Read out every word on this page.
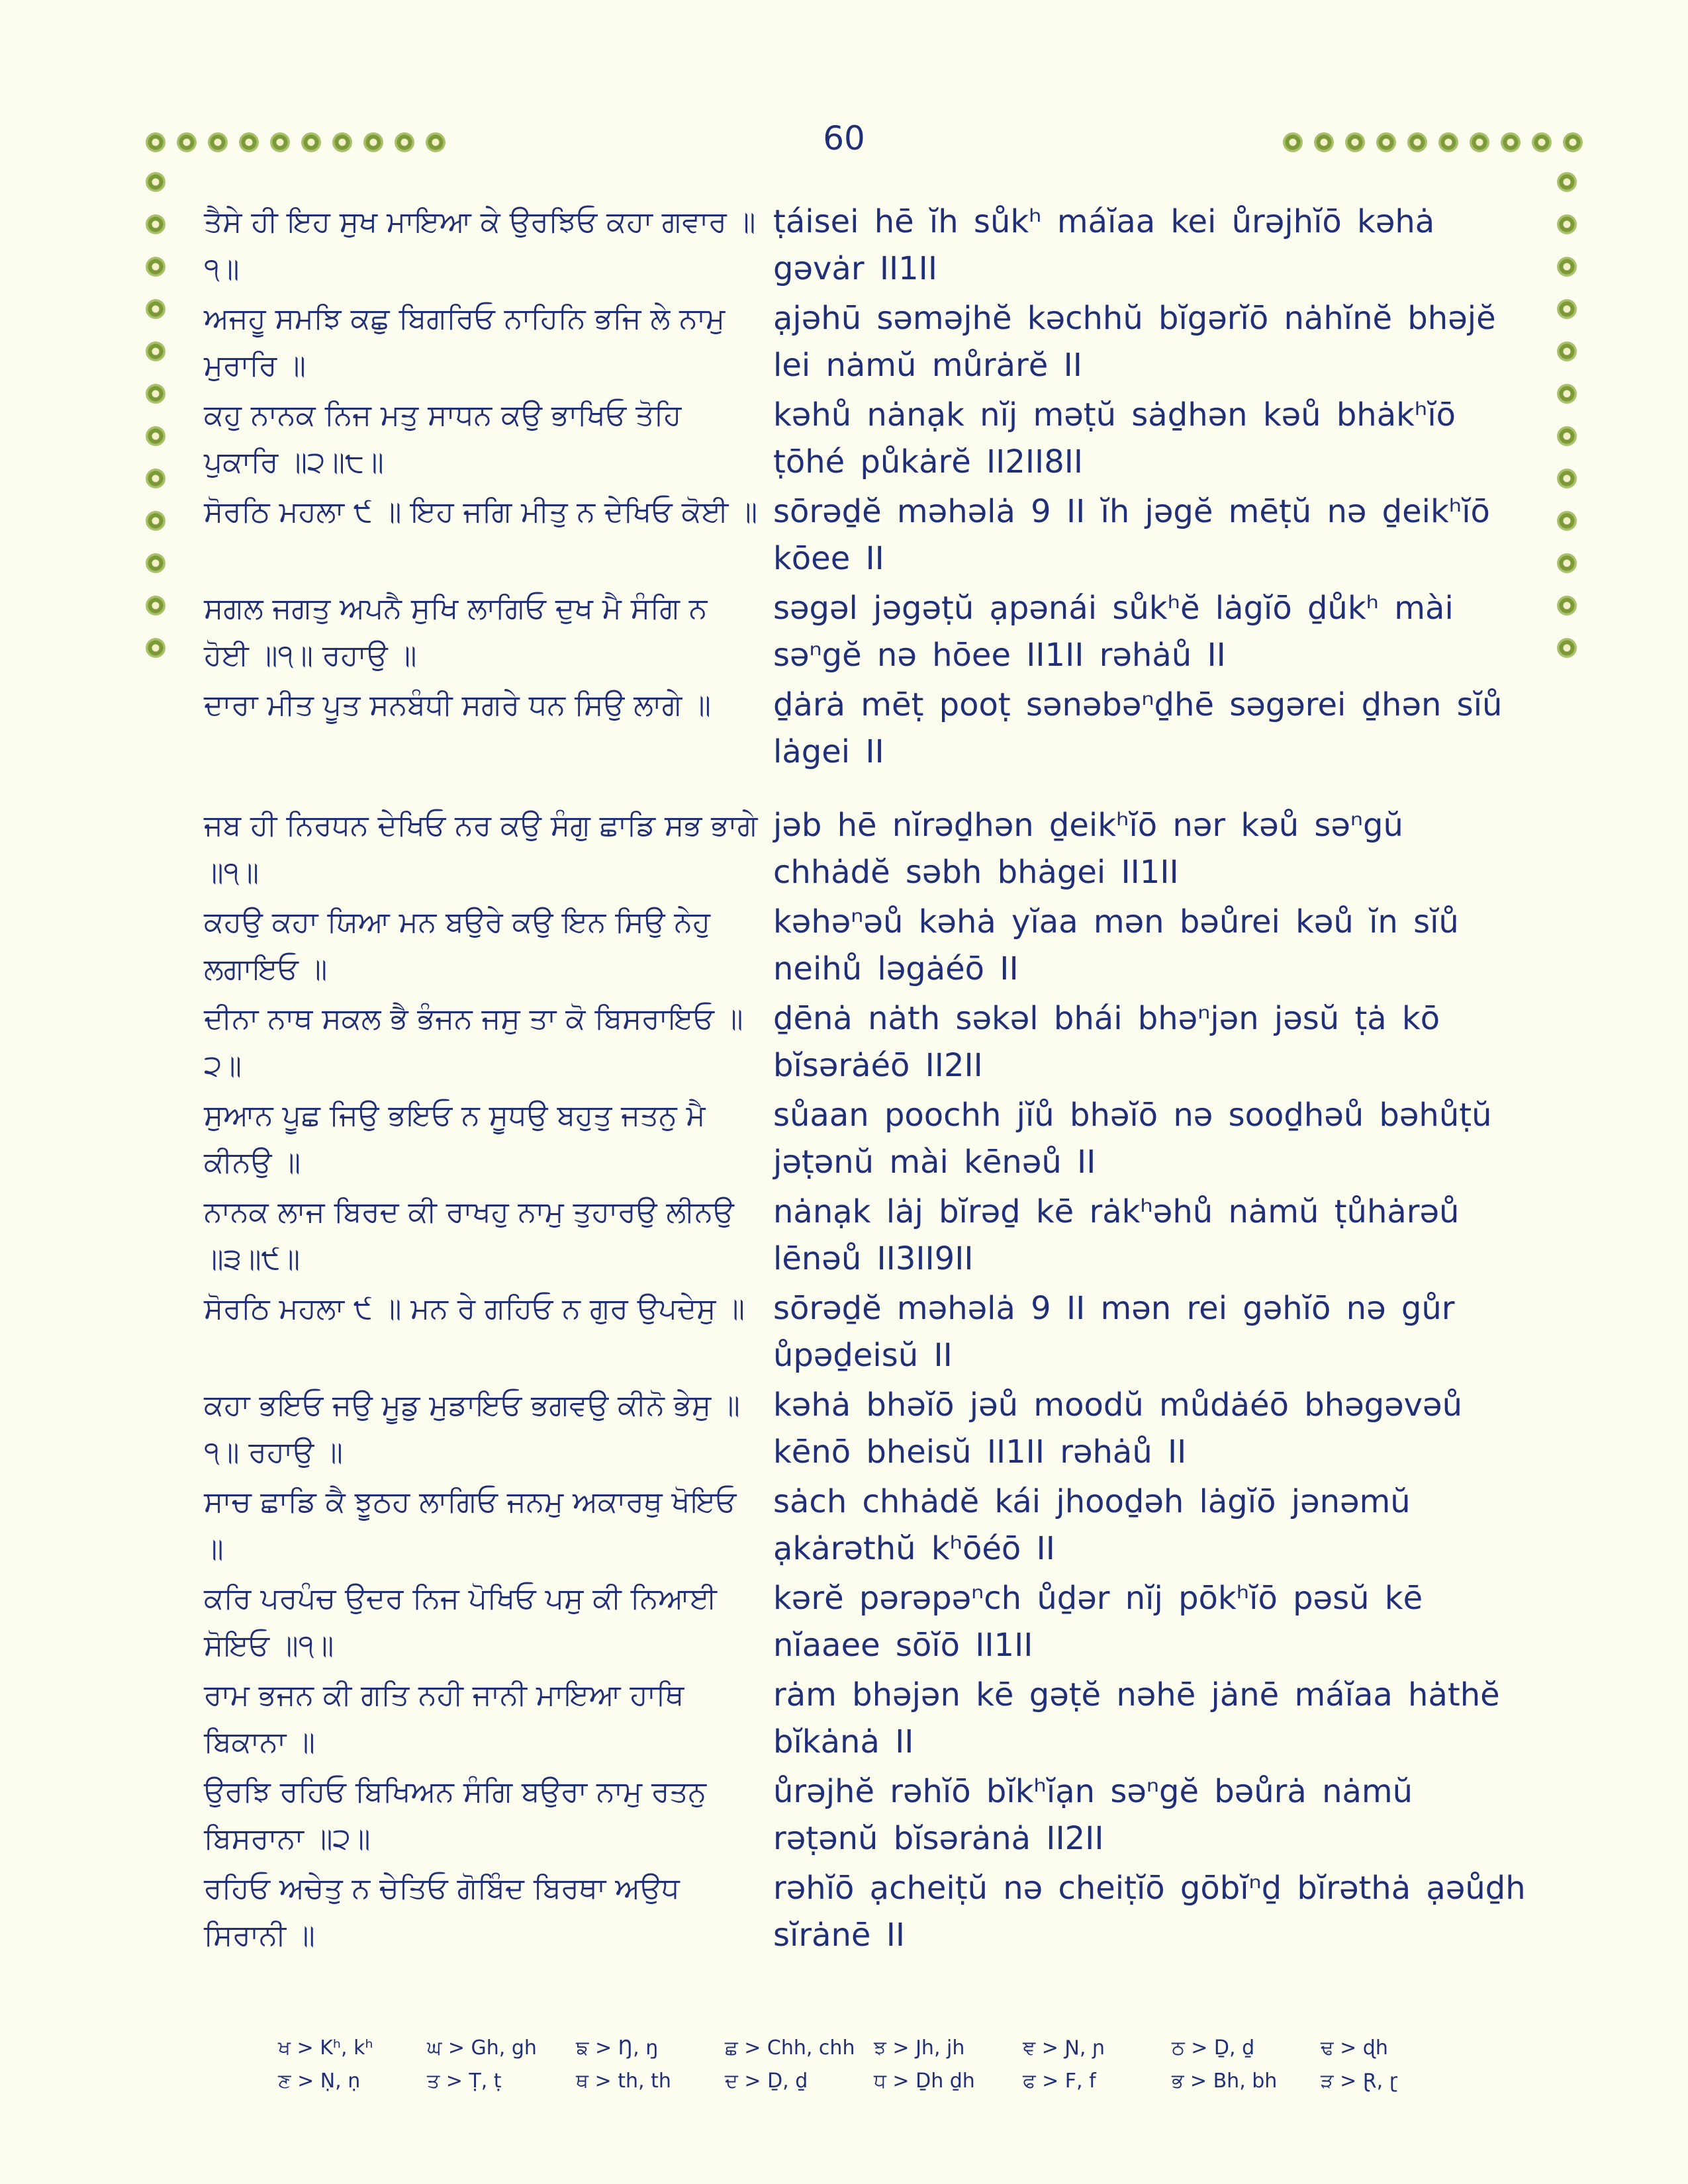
60
ਤੈਸੇ ਹੀ ਇਹ ਸੁਖ ਮਾਇਆ ਕੇ ਉਰਝਿਓ ਕਹਾ ਗਵਾਰ ॥੧॥
ṭáisei hē ĭh sůkʰ máĭaa kei ůrəjhĭō kəhȧ gəvȧr II1II
ਅਜਹੂ ਸਮਝਿ ਕਛੁ ਬਿਗਰਿਓ ਨਾਹਿਨਿ ਭਜਿ ਲੇ ਨਾਮੁ ਮੁਰਾਰਿ ॥
ạjəhū səməjhĕ kəchhŭ bĭgərĭō nȧhĭnĕ bhəjĕ lei nȧmŭ můrȧrĕ II
ਕਹੁ ਨਾਨਕ ਨਿਜ ਮਤੁ ਸਾਧਨ ਕਉ ਭਾਖਿਓ ਤੋਹਿ ਪੁਕਾਰਿ ॥੨॥੮॥
kəhů nȧnạk nĭj məṭŭ sȧḏhən kəů bhȧkʰĭō ṭōhé půkȧrĕ II2II8II
ਸੋਰਠਿ ਮਹਲਾ ੯ ॥ ਇਹ ਜਗਿ ਮੀਤੁ ਨ ਦੇਖਿਓ ਕੋਈ ॥ sōrəḏĕ məhəlȧ 9 II ĭh jəgĕ mēṭŭ nə ḏeikʰĭō kōee II
ਸਗਲ ਜਗਤੁ ਅਪਨੈ ਸੁਖਿ ਲਾਗਿਓ ਦੁਖ ਮੈ ਸੰਗਿ ਨ ਹੋਈ ॥੧॥ ਰਹਾਉ ॥
səgəl jəgəṭŭ ạpənái sůkʰĕ lȧgĭō ḏůkʰ mài səⁿgĕ nə hōee II1II rəhȧů II
ਦਾਰਾ ਮੀਤ ਪੂਤ ਸਨਬੰਧੀ ਸਗਰੇ ਧਨ ਸਿਉ ਲਾਗੇ ॥	ḏȧrȧ mēṭ pooṭ sənəbəⁿḏhē səgərei ḏhən sĭů lȧgei II
ਜਬ ਹੀ ਨਿਰਧਨ ਦੇਖਿਓ ਨਰ ਕਉ ਸੰਗੁ ਛਾਡਿ ਸਭ ਭਾਗੇ ॥੧॥
jəb hē nĭrəḏhən ḏeikʰĭō nər kəů səⁿgŭ chhȧdĕ səbh bhȧgei II1II
ਕਹਉ ਕਹਾ ਯਿਆ ਮਨ ਬਉਰੇ ਕਉ ਇਨ ਸਿਉ ਨੇਹੁ ਲਗਾਇਓ ॥
kəhəⁿəů kəhȧ yĭaa mən bəůrei kəů ĭn sĭů neihů ləgȧéō II
ਦੀਨਾ ਨਾਥ ਸਕਲ ਭੈ ਭੰਜਨ ਜਸੁ ਤਾ ਕੋ ਬਿਸਰਾਇਓ ॥੨॥
ḏēnȧ nȧth səkəl bhái bhəⁿjən jəsŭ ṭȧ kō bĭsərȧéō II2II
ਸੁਆਨ ਪੂਛ ਜਿਉ ਭਇਓ ਨ ਸੂਧਉ ਬਹੁਤੁ ਜਤਨੁ ਮੈ ਕੀਨਉ ॥
sůaan poochh jĭů bhəĭō nə sooḏhəů bəhůṭŭ jəṭənŭ mài kēnəů II
ਨਾਨਕ ਲਾਜ ਬਿਰਦ ਕੀ ਰਾਖਹੁ ਨਾਮੁ ਤੁਹਾਰਉ ਲੀਨਉ ॥੩॥੯॥
nȧnạk lȧj bĭrəḏ kē rȧkʰəhů nȧmŭ ṭůhȧrəů lēnəů II3II9II
ਸੋਰਠਿ ਮਹਲਾ ੯ ॥ ਮਨ ਰੇ ਗਹਿਓ ਨ ਗੁਰ ਉਪਦੇਸੁ ॥ sōrəḏĕ məhəlȧ 9 II mən rei gəhĭō nə gůr ůpəḏeisŭ II
ਕਹਾ ਭਇਓ ਜਉ ਮੂਡੁ ਮੁਡਾਇਓ ਭਗਵਉ ਕੀਨੋ ਭੇਸੁ ॥੧॥ ਰਹਾਉ ॥
kəhȧ bhəĭō jəů moodŭ můdȧéō bhəgəvəů kēnō bheisŭ II1II rəhȧů II
ਸਾਚ ਛਾਡਿ ਕੈ ਝੂਠਹ ਲਾਗਿਓ ਜਨਮੁ ਅਕਾਰਥੁ ਖੋਇਓ ॥
sȧch chhȧdĕ kái jhooḏəh lȧgĭō jənəmŭ ạkȧrəthŭ kʰōéō II
ਕਰਿ ਪਰਪੰਚ ਉਦਰ ਨਿਜ ਪੋਖਿਓ ਪਸੁ ਕੀ ਨਿਆਈ ਸੋਇਓ ॥੧॥
kərĕ pərəpəⁿch ůḏər nĭj pōkʰĭō pəsŭ kē nĭaaee sōĭō II1II
ਰਾਮ ਭਜਨ ਕੀ ਗਤਿ ਨਹੀ ਜਾਨੀ ਮਾਇਆ ਹਾਥਿ ਬਿਕਾਨਾ ॥
rȧm bhəjən kē gəṭĕ nəhē jȧnē máĭaa hȧthĕ bĭkȧnȧ II
ਉਰਝਿ ਰਹਿਓ ਬਿਖਿਅਨ ਸੰਗਿ ਬਉਰਾ ਨਾਮੁ ਰਤਨੁ ਬਿਸਰਾਨਾ ॥੨॥
ůrəjhĕ rəhĭō bĭkʰĭạn səⁿgĕ bəůrȧ nȧmŭ rəṭənŭ bĭsərȧnȧ II2II
ਰਹਿਓ ਅਚੇਤੁ ਨ ਚੇਤਿਓ ਗੋਬਿੰਦ ਬਿਰਥਾ ਅਉਧ ਸਿਰਾਨੀ ॥
rəhĭō ạcheiṭŭ nə cheiṭĭō gōbĭⁿḏ bĭrəthȧ ạəůḏh sĭrȧnē II
ਖ > Kʰ, kʰ	ਘ > Gh, gh	ਙ > Ŋ, ŋ	ਛ > Chh, chh ਝ > Jh, jh	ਞ > Ɲ, ɲ	ਠ > Ḏ, ḏ	ਢ > ɖh
ਣ > Ṇ, ṇ	ਤ > Ṭ, ṭ	ਥ > th, th	ਦ > Ḏ, ḏ	ਧ > Ḏh ḏh	ਫ > F, f	ਭ > Bh, bh	ੜ > Ɽ, ɽ
